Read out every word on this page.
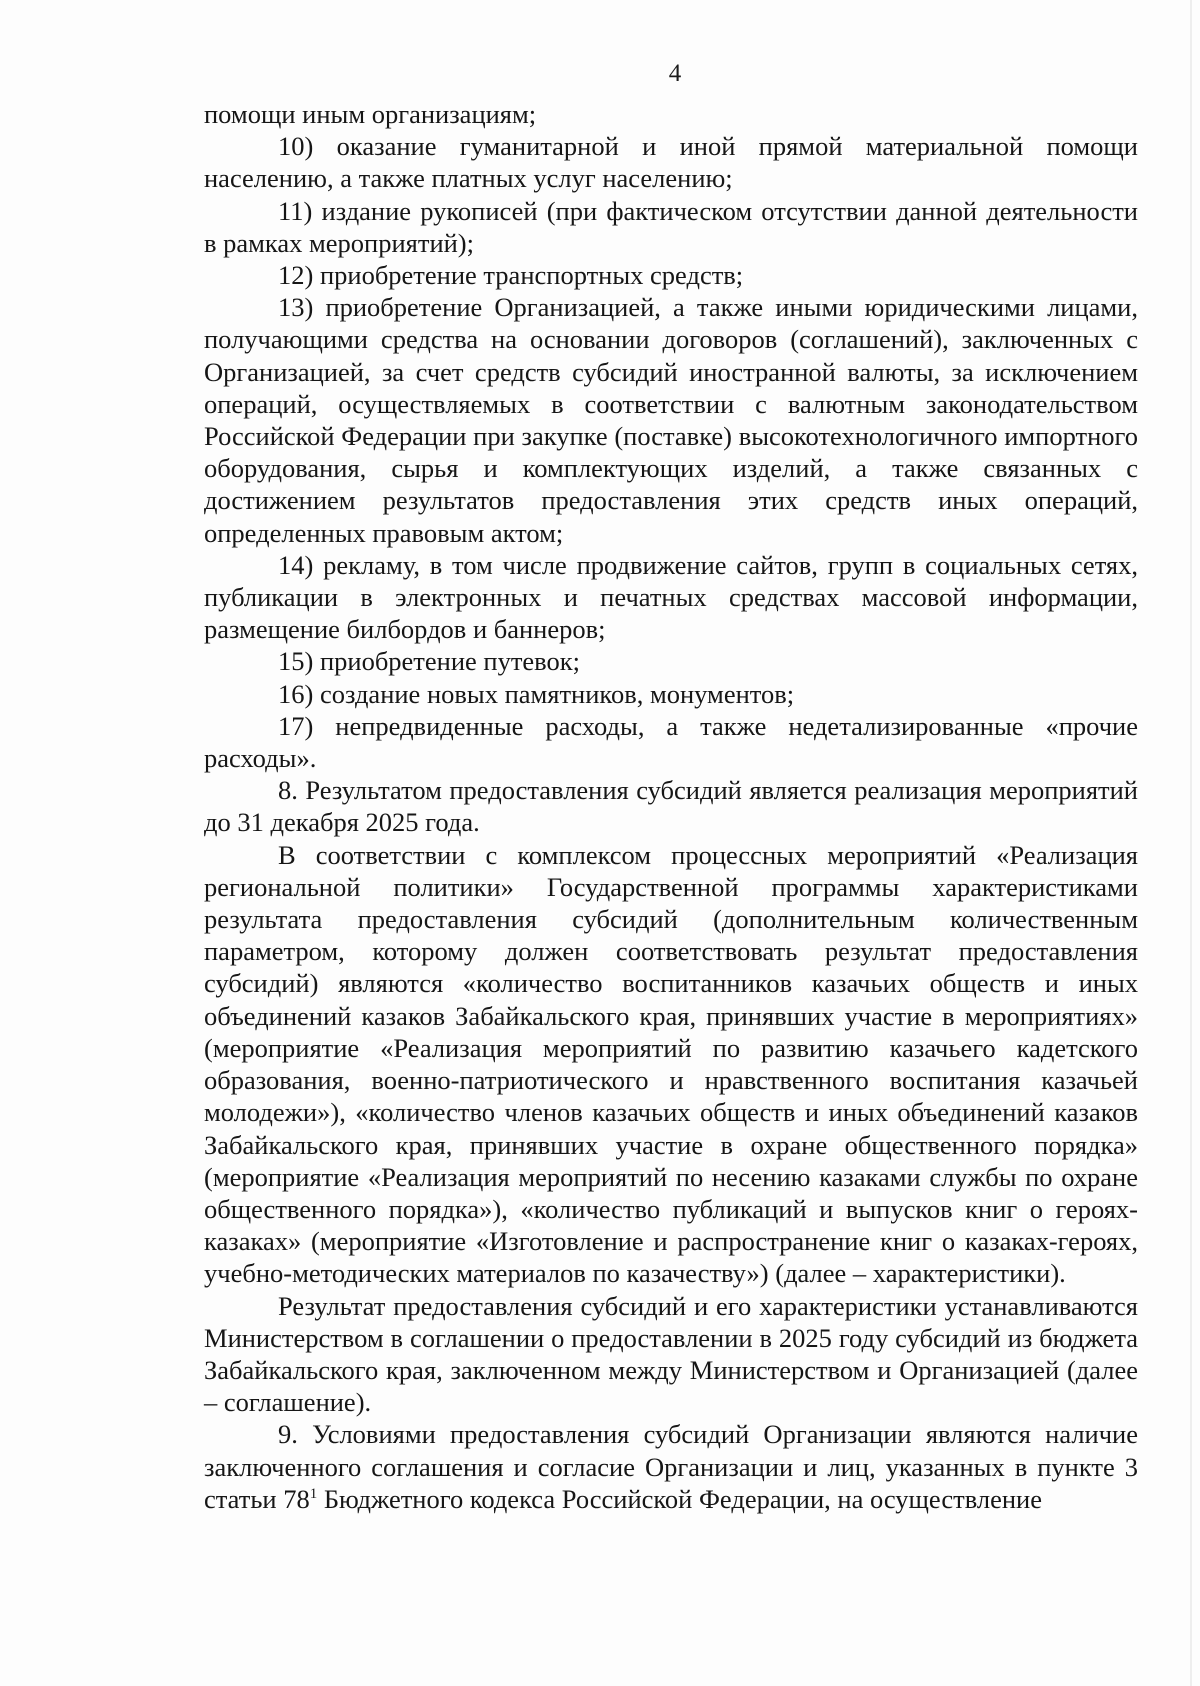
4

помощи иным организациям;

10) оказание гуманитарной и иной прямой материальной помощи населению, а также платных услуг населению;

11) издание рукописей (при фактическом отсутствии данной деятельности в рамках мероприятий);

12) приобретение транспортных средств;

13) приобретение Организацией, а также иными юридическими лицами, получающими средства на основании договоров (соглашений), заключенных с Организацией, за счет средств субсидий иностранной валюты, за исключением операций, осуществляемых в соответствии с валютным законодательством Российской Федерации при закупке (поставке) высокотехнологичного импортного оборудования, сырья и комплектующих изделий, а также связанных с достижением результатов предоставления этих средств иных операций, определенных правовым актом;

14) рекламу, в том числе продвижение сайтов, групп в социальных сетях, публикации в электронных и печатных средствах массовой информации, размещение билбордов и баннеров;

15) приобретение путевок;

16) создание новых памятников, монументов;

17) непредвиденные расходы, а также недетализированные «прочие расходы».

8. Результатом предоставления субсидий является реализация мероприятий до 31 декабря 2025 года.

В соответствии с комплексом процессных мероприятий «Реализация региональной политики» Государственной программы характеристиками результата предоставления субсидий (дополнительным количественным параметром, которому должен соответствовать результат предоставления субсидий) являются «количество воспитанников казачьих обществ и иных объединений казаков Забайкальского края, принявших участие в мероприятиях» (мероприятие «Реализация мероприятий по развитию казачьего кадетского образования, военно-патриотического и нравственного воспитания казачьей молодежи»), «количество членов казачьих обществ и иных объединений казаков Забайкальского края, принявших участие в охране общественного порядка» (мероприятие «Реализация мероприятий по несению казаками службы по охране общественного порядка»), «количество публикаций и выпусков книг о героях-казаках» (мероприятие «Изготовление и распространение книг о казаках-героях, учебно-методических материалов по казачеству») (далее – характеристики).

Результат предоставления субсидий и его характеристики устанавливаются Министерством в соглашении о предоставлении в 2025 году субсидий из бюджета Забайкальского края, заключенном между Министерством и Организацией (далее – соглашение).

9. Условиями предоставления субсидий Организации являются наличие заключенного соглашения и согласие Организации и лиц, указанных в пункте 3 статьи $78^1$ Бюджетного кодекса Российской Федерации, на осуществление
